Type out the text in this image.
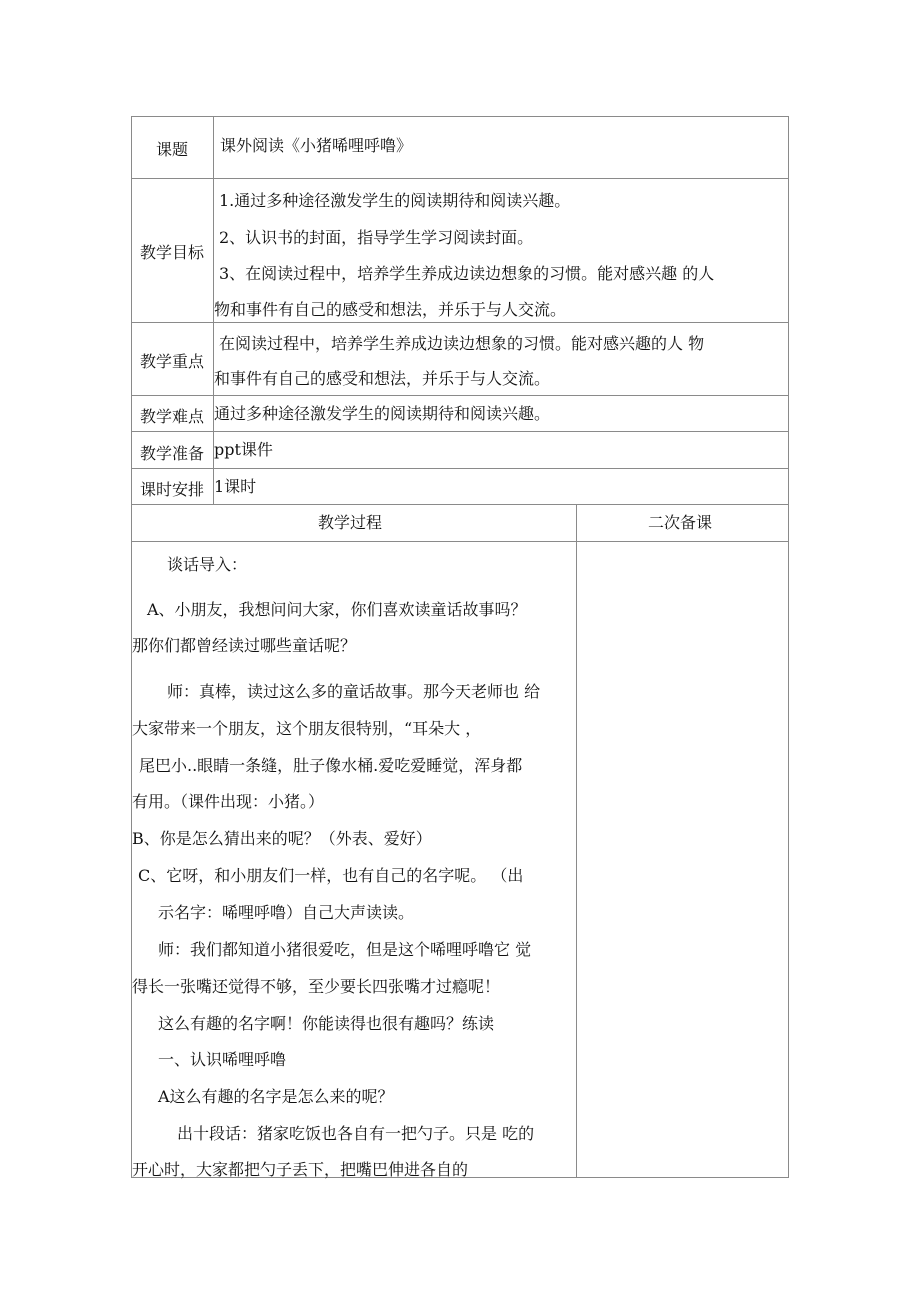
课题
教学目标
教学重点
教学难点
教学准备
课时安排
课外阅读《小猪唏哩呼噜》
1.通过多种途径激发学生的阅读期待和阅读兴趣。
2、认识书的封面，指导学生学习阅读封面。
3、在阅读过程中，培养学生养成边读边想象的习惯。能对感兴趣 的人
物和事件有自己的感受和想法，并乐于与人交流。
在阅读过程中，培养学生养成边读边想象的习惯。能对感兴趣的人 物
和事件有自己的感受和想法，并乐于与人交流。
通过多种途径激发学生的阅读期待和阅读兴趣。
ppt课件
1课时
教学过程	二次备课
谈话导入：
A、小朋友，我想问问大家，你们喜欢读童话故事吗？
那你们都曾经读过哪些童话呢？
师：真棒，读过这么多的童话故事。那今天老师也 给
大家带来一个朋友，这个朋友很特别，“耳朵大 ，
尾巴小..眼睛一条缝，肚子像水桶.爱吃爱睡觉，浑身都
有用。（课件出现：小猪。）
B、你是怎么猜出来的呢？（外表、爱好）
C、它呀，和小朋友们一样，也有自己的名字呢。 （出
示名字：唏哩呼噜）自己大声读读。
师：我们都知道小猪很爱吃，但是这个唏哩呼噜它 觉
得长一张嘴还觉得不够，至少要长四张嘴才过瘾呢！
这么有趣的名字啊！你能读得也很有趣吗？练读
一、认识唏哩呼噜
A这么有趣的名字是怎么来的呢？
出十段话：猪家吃饭也各自有一把勺子。只是 吃的
开心时，大家都把勺子丢下，把嘴巴伸进各自的
